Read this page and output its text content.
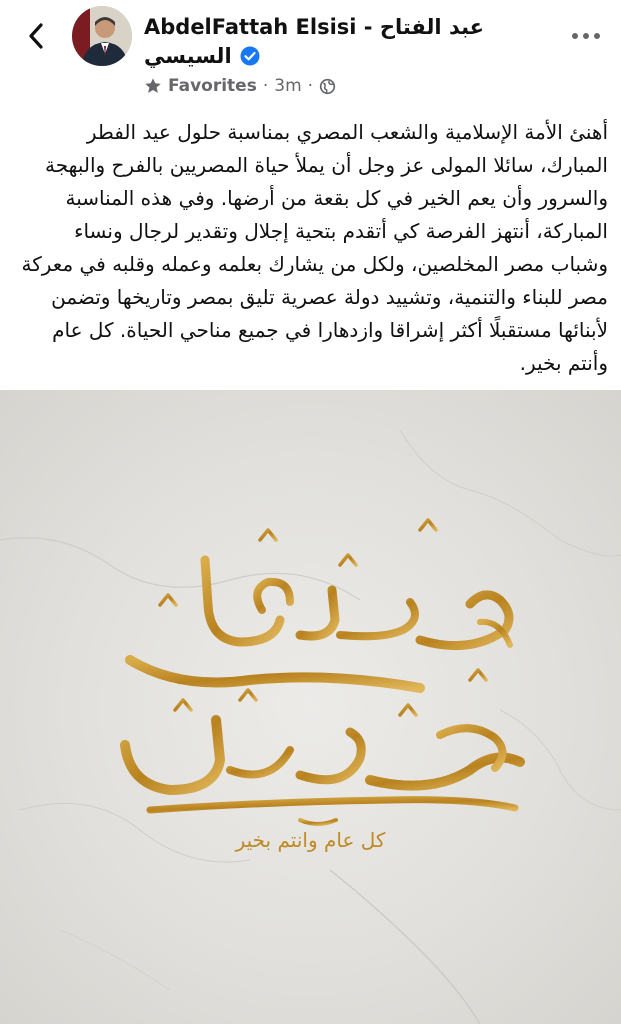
AbdelFattah Elsisi - عبد الفتاح
السيسي
Favorites · 3m ·
أهنئ الأمة الإسلامية والشعب المصري بمناسبة حلول عيد الفطر المبارك، سائلا المولى عز وجل أن يملأ حياة المصريين بالفرح والبهجة والسرور وأن يعم الخير في كل بقعة من أرضها. وفي هذه المناسبة المباركة، أنتهز الفرصة كي أتقدم بتحية إجلال وتقدير لرجال ونساء وشباب مصر المخلصين، ولكل من يشارك بعلمه وعمله وقلبه في معركة مصر للبناء والتنمية، وتشييد دولة عصرية تليق بمصر وتاريخها وتضمن لأبنائها مستقبلًا أكثر إشراقا وازدهارا في جميع مناحي الحياة. كل عام وأنتم بخير.
كل عام وانتم بخير
